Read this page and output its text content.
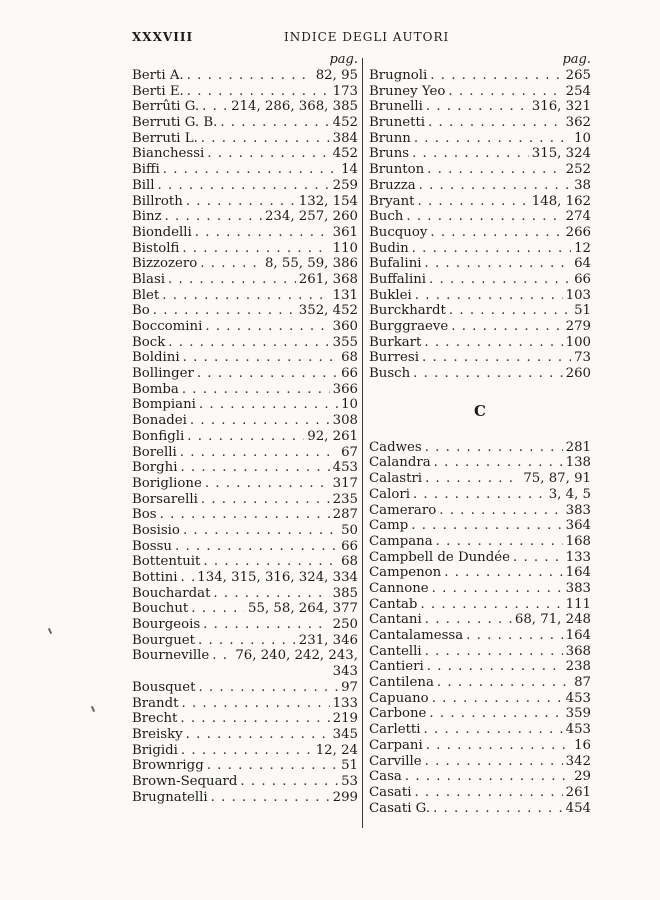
XXXVIII	INDICE DEGLI AUTORI
pag.
Berti A. . . .	82, 95
Berti E. . . .	173
Berrûti G. . . . 214, 286, 368, 385
Berruti G. B. . . .	452
Berruti L. . . .	384
Bianchessi . . .	452
Biffi . . .	14
Bill . . .	259
Billroth . . .	132, 154
Binz . . .	234, 257, 260
Biondelli . . .	361
Bistolfi . . .	110
Bizzozero . . .	8, 55, 59, 386
Blasi . . .	261, 368
Blet . . .	131
Bo . . .	352, 452
Boccomini . . .	360
Bock . . .	355
Boldini . . .	68
Bollinger . . .	66
Bomba . . .	366
Bompiani . . .	10
Bonadei . . .	308
Bonfigli . . .	92, 261
Borelli . . .	67
Borghi . . .	453
Boriglione . . .	317
Borsarelli . . .	235
Bos . . .	287
Bosisio . . .	50
Bossu . . .	66
Bottentuit . . .	68
Bottini . . . 134, 315, 316, 324, 334
Bouchardat . . .	385
Bouchut . . .	55, 58, 264, 377
Bourgeois . . .	250
Bourguet . . .	231, 346
Bourneville . . . 76, 240, 242, 243,
343
Bousquet . . .	97
Brandt . . .	133
Brecht . . .	219
Breisky . . .	345
Brigidi . . .	12, 24
Brownrigg . . .	51
Brown-Sequard . . .	53
Brugnatelli . . .	299
pag.
Brugnoli . . .	265
Bruney Yeo . . .	254
Brunelli . . .	316, 321
Brunetti . . .	362
Brunn . . .	10
Bruns . . .	315, 324
Brunton . . .	252
Bruzza . . .	38
Bryant . . .	148, 162
Buch . . .	274
Bucquoy . . .	266
Budin . . .	12
Bufalini . . .	64
Buffalini . . .	66
Buklei . . .	103
Burckhardt . . .	51
Burggraeve . . .	279
Burkart . . .	100
Burresi . . .	73
Busch . . .	260
C
Cadwes . . .	281
Calandra . . .	138
Calastri . . .	75, 87, 91
Calori . . .	3, 4, 5
Cameraro . . .	383
Camp . . .	364
Campana . . .	168
Campbell de Dundée . . .	133
Campenon . . .	164
Cannone . . .	383
Cantab . . .	111
Cantani . . .	68, 71, 248
Cantalamessa . . .	164
Cantelli . . .	368
Cantieri . . .	238
Cantilena . . .	87
Capuano . . .	453
Carbone . . .	359
Carletti . . .	453
Carpani . . .	16
Carville . . .	342
Casa . . .	29
Casati . . .	261
Casati G. . . .	454
